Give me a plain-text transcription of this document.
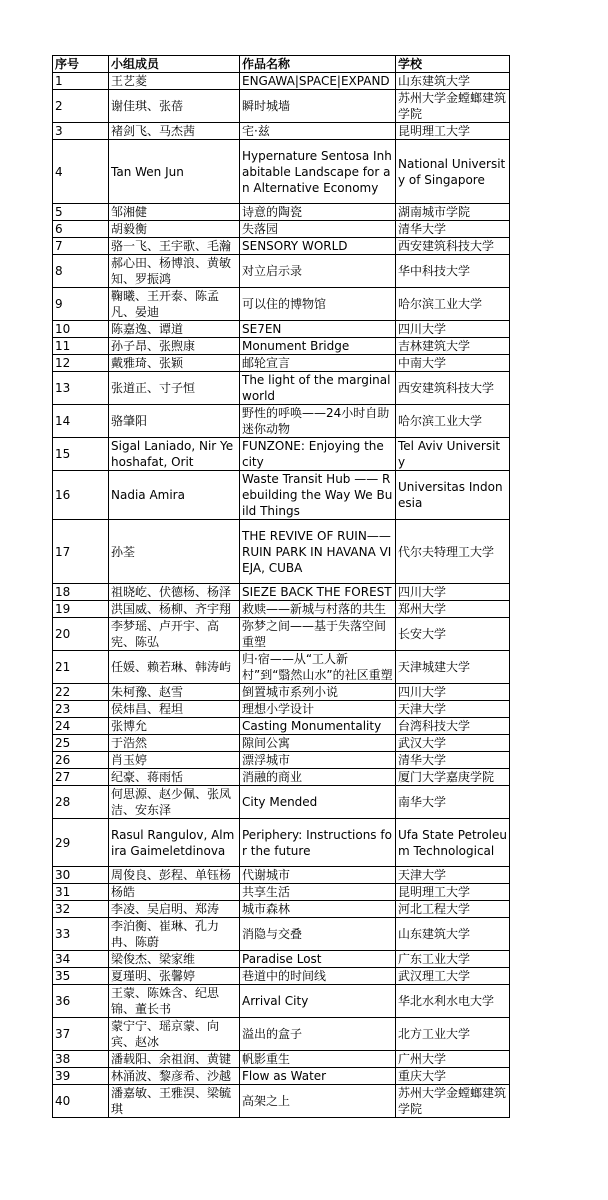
序号	小组成员	作品名称	学校
1	王艺菱	ENGAWA|SPACE|EXPAND	山东建筑大学
2	谢佳琪、张蓓	瞬时城墙	苏州大学金螳螂建筑学院
3	褚剑飞、马杰茜	宅·兹	昆明理工大学
4	Tan Wen Jun	Hypernature Sentosa Inhabitable Landscape for an Alternative Economy	National University of Singapore
5	邹湘健	诗意的陶瓷	湖南城市学院
6	胡毅衡	失落园	清华大学
7	骆一飞、王宇歌、毛瀚	SENSORY WORLD	西安建筑科技大学
8	郝心田、杨博浪、黄敏知、罗振鸿	对立启示录	华中科技大学
9	鞠曦、王开泰、陈孟凡、晏迪	可以住的博物馆	哈尔滨工业大学
10	陈嘉逸、谭道	SE7EN	四川大学
11	孙子昂、张煦康	Monument Bridge	吉林建筑大学
12	戴雅琦、张颖	邮轮宣言	中南大学
13	张道正、寸子恒	The light of the marginal world	西安建筑科技大学
14	骆肇阳	野性的呼唤——24小时自助迷你动物	哈尔滨工业大学
15	Sigal Laniado, Nir Yehoshafat, Orit	FUNZONE: Enjoying the city	Tel Aviv University
16	Nadia Amira	Waste Transit Hub —— Rebuilding the Way We Build Things	Universitas Indonesia
17	孙荃	THE REVIVE OF RUIN——RUIN PARK IN HAVANA VIEJA, CUBA	代尔夫特理工大学
18	祖晓屹、伏德杨、杨泽	SIEZE BACK THE FOREST	四川大学
19	洪国威、杨柳、齐宇翔	救赎——新城与村落的共生	郑州大学
20	李梦瑶、卢开宇、高宪、陈弘	弥梦之间——基于失落空间重塑	长安大学
21	任媛、赖若琳、韩涛屿	归·宿——从“工人新村”到“翳然山水”的社区重塑	天津城建大学
22	朱柯豫、赵雪	倒置城市系列小说	四川大学
23	侯炜昌、程坦	理想小学设计	天津大学
24	张博允	Casting Monumentality	台湾科技大学
25	于浩然	隙间公寓	武汉大学
26	肖玉婷	漂浮城市	清华大学
27	纪豪、蒋雨恬	消融的商业	厦门大学嘉庚学院
28	何思源、赵少佩、张凤洁、安东泽	City Mended	南华大学
29	Rasul Rangulov, Almira Gaimeletdinova	Periphery: Instructions for the future	Ufa State Petroleum Technological
30	周俊良、彭程、单钰杨	代谢城市	天津大学
31	杨皓	共享生活	昆明理工大学
32	李凌、吴启明、郑涛	城市森林	河北工程大学
33	李泊衡、崔琳、孔力冉、陈蔚	消隐与交叠	山东建筑大学
34	梁俊杰、梁家维	Paradise Lost	广东工业大学
35	夏瑾明、张馨婷	巷道中的时间线	武汉理工大学
36	王蒙、陈姝含、纪思锦、董长书	Arrival City	华北水利水电大学
37	蒙宁宁、瑶京蒙、向宾、赵冰	溢出的盒子	北方工业大学
38	潘载阳、余祖润、黄键	帆影重生	广州大学
39	林涌波、黎彦希、沙越	Flow as Water	重庆大学
40	潘嘉敏、王雅淏、梁毓琪	高架之上	苏州大学金螳螂建筑学院
